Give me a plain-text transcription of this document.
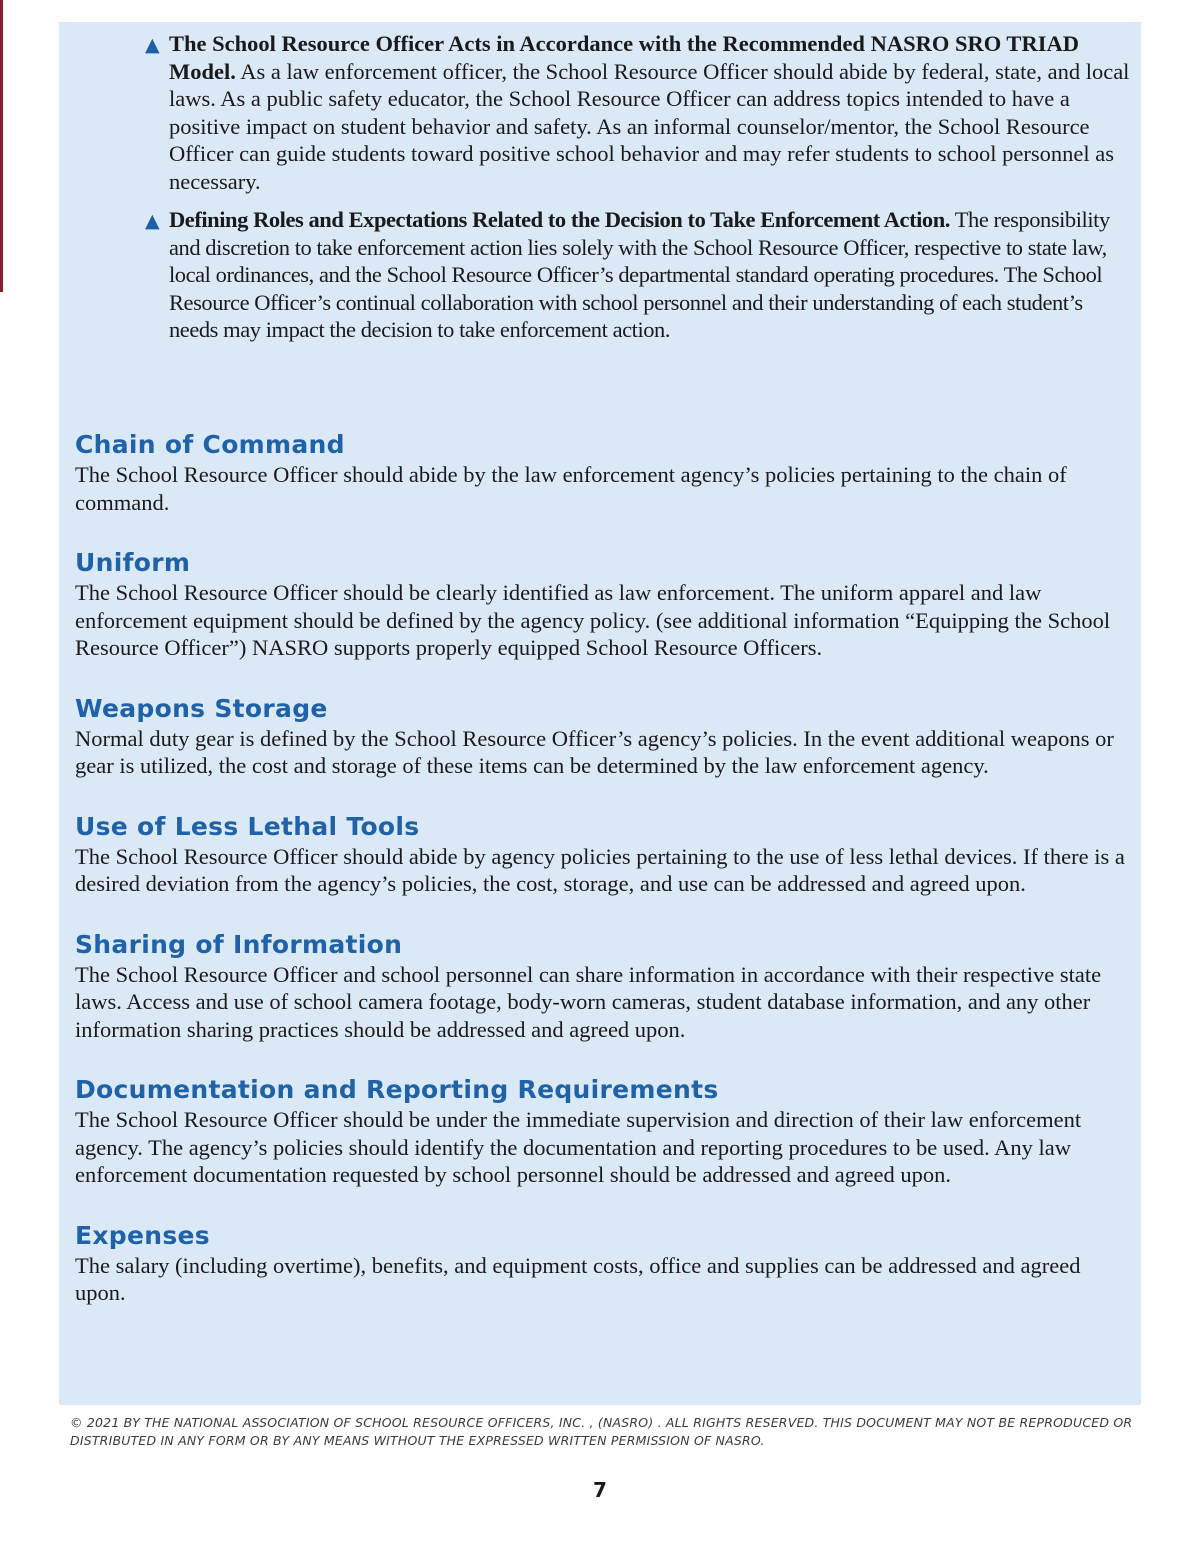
▲ The School Resource Officer Acts in Accordance with the Recommended NASRO SRO TRIAD Model. As a law enforcement officer, the School Resource Officer should abide by federal, state, and local laws. As a public safety educator, the School Resource Officer can address topics intended to have a positive impact on student behavior and safety. As an informal counselor/mentor, the School Resource Officer can guide students toward positive school behavior and may refer students to school personnel as necessary.
▲ Defining Roles and Expectations Related to the Decision to Take Enforcement Action. The responsibility and discretion to take enforcement action lies solely with the School Resource Officer, respective to state law, local ordinances, and the School Resource Officer’s departmental standard operating procedures. The School Resource Officer’s continual collaboration with school personnel and their understanding of each student’s needs may impact the decision to take enforcement action.
Chain of Command

The School Resource Officer should abide by the law enforcement agency’s policies pertaining to the chain of command.

Uniform

The School Resource Officer should be clearly identified as law enforcement. The uniform apparel and law enforcement equipment should be defined by the agency policy. (see additional information “Equipping the School Resource Officer”) NASRO supports properly equipped School Resource Officers.

Weapons Storage

Normal duty gear is defined by the School Resource Officer’s agency’s policies. In the event additional weapons or gear is utilized, the cost and storage of these items can be determined by the law enforcement agency.

Use of Less Lethal Tools

The School Resource Officer should abide by agency policies pertaining to the use of less lethal devices. If there is a desired deviation from the agency’s policies, the cost, storage, and use can be addressed and agreed upon.

Sharing of Information

The School Resource Officer and school personnel can share information in accordance with their respective state laws. Access and use of school camera footage, body-worn cameras, student database information, and any other information sharing practices should be addressed and agreed upon.

Documentation and Reporting Requirements

The School Resource Officer should be under the immediate supervision and direction of their law enforcement agency. The agency’s policies should identify the documentation and reporting procedures to be used. Any law enforcement documentation requested by school personnel should be addressed and agreed upon.

Expenses

The salary (including overtime), benefits, and equipment costs, office and supplies can be addressed and agreed upon.

© 2021 BY THE NATIONAL ASSOCIATION OF SCHOOL RESOURCE OFFICERS, INC. , (NASRO) . ALL RIGHTS RESERVED. THIS DOCUMENT MAY NOT BE REPRODUCED OR DISTRIBUTED IN ANY FORM OR BY ANY MEANS WITHOUT THE EXPRESSED WRITTEN PERMISSION OF NASRO.
7
